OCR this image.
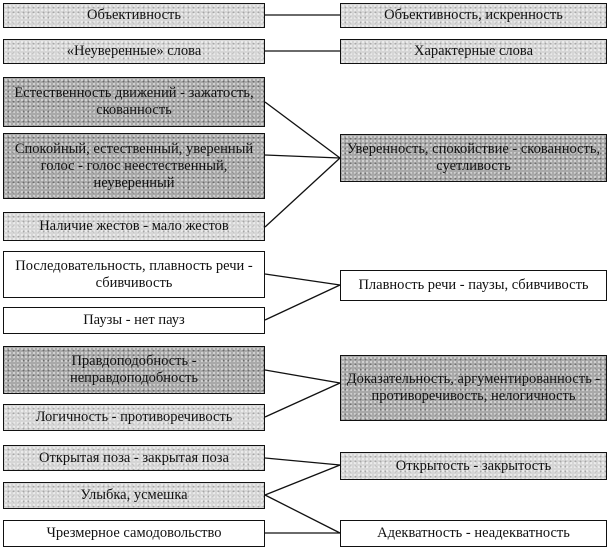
Объективность
«Неуверенные» слова
Естественность движений - зажатость, скованность
Спокойный, естественный, уверенный голос - голос неестественный, неуверенный
Наличие жестов - мало жестов
Последовательность, плавность речи - сбивчивость
Паузы - нет пауз
Правдоподобность - неправдоподобность
Логичность - противоречивость
Открытая поза - закрытая поза
Улыбка, усмешка
Чрезмерное самодовольство
Объективность, искренность
Характерные слова
Уверенность, спокойствие - скованность, суетливость
Плавность речи - паузы, сбивчивость
Доказательность, аргументированность - противоречивость, нелогичность
Открытость - закрытость
Адекватность - неадекватность
